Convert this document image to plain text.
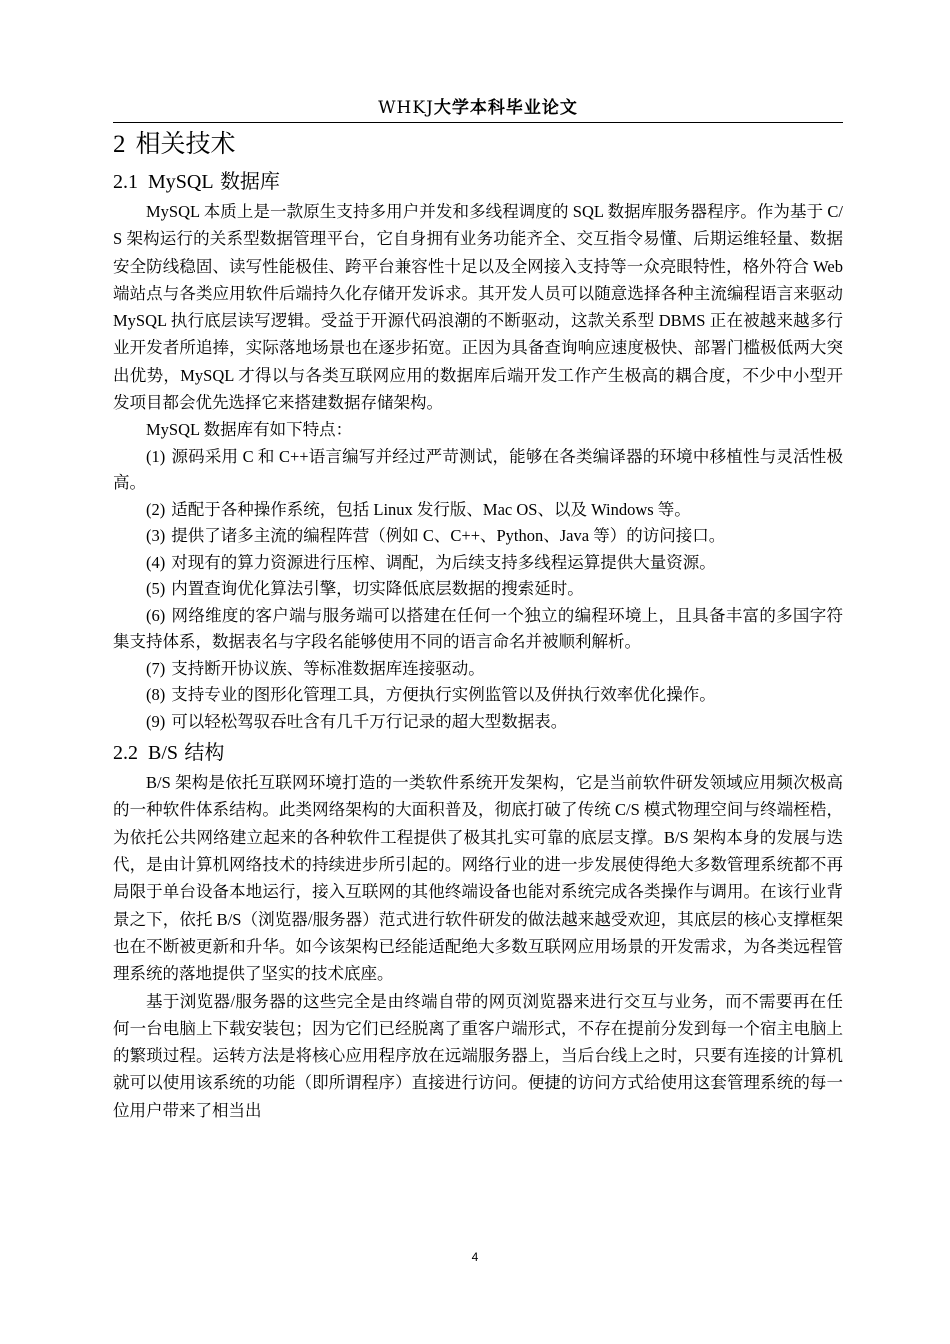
WHKJ大学本科毕业论文
2 相关技术
2.1 MySQL 数据库

MySQL 本质上是一款原生支持多用户并发和多线程调度的 SQL 数据库服务器程序。作为基于 C/S 架构运行的关系型数据管理平台，它自身拥有业务功能齐全、交互指令易懂、后期运维轻量、数据安全防线稳固、读写性能极佳、跨平台兼容性十足以及全网接入支持等一众亮眼特性，格外符合 Web 端站点与各类应用软件后端持久化存储开发诉求。其开发人员可以随意选择各种主流编程语言来驱动 MySQL 执行底层读写逻辑。受益于开源代码浪潮的不断驱动，这款关系型 DBMS 正在被越来越多行业开发者所追捧，实际落地场景也在逐步拓宽。正因为具备查询响应速度极快、部署门槛极低两大突出优势，MySQL 才得以与各类互联网应用的数据库后端开发工作产生极高的耦合度，不少中小型开发项目都会优先选择它来搭建数据存储架构。

MySQL 数据库有如下特点：

(1) 源码采用 C 和 C++语言编写并经过严苛测试，能够在各类编译器的环境中移植性与灵活性极高。

(2) 适配于各种操作系统，包括 Linux 发行版、Mac OS、以及 Windows 等。

(3) 提供了诸多主流的编程阵营（例如 C、C++、Python、Java 等）的访问接口。

(4) 对现有的算力资源进行压榨、调配，为后续支持多线程运算提供大量资源。

(5) 内置查询优化算法引擎，切实降低底层数据的搜索延时。

(6) 网络维度的客户端与服务端可以搭建在任何一个独立的编程环境上，且具备丰富的多国字符集支持体系，数据表名与字段名能够使用不同的语言命名并被顺利解析。

(7) 支持断开协议族、等标准数据库连接驱动。

(8) 支持专业的图形化管理工具，方便执行实例监管以及倂执行效率优化操作。

(9) 可以轻松驾驭吞吐含有几千万行记录的超大型数据表。

2.2 B/S 结构

B/S 架构是依托互联网环境打造的一类软件系统开发架构，它是当前软件研发领域应用频次极高的一种软件体系结构。此类网络架构的大面积普及，彻底打破了传统 C/S 模式物理空间与终端桎梏，为依托公共网络建立起来的各种软件工程提供了极其扎实可靠的底层支撑。B/S 架构本身的发展与迭代，是由计算机网络技术的持续进步所引起的。网络行业的进一步发展使得绝大多数管理系统都不再局限于单台设备本地运行，接入互联网的其他终端设备也能对系统完成各类操作与调用。在该行业背景之下，依托 B/S（浏览器/服务器）范式进行软件研发的做法越来越受欢迎，其底层的核心支撑框架也在不断被更新和升华。如今该架构已经能适配绝大多数互联网应用场景的开发需求，为各类远程管理系统的落地提供了坚实的技术底座。

基于浏览器/服务器的这些完全是由终端自带的网页浏览器来进行交互与业务，而不需要再在任何一台电脑上下载安装包；因为它们已经脱离了重客户端形式，不存在提前分发到每一个宿主电脑上的繁琐过程。运转方法是将核心应用程序放在远端服务器上，当后台线上之时，只要有连接的计算机就可以使用该系统的功能（即所谓程序）直接进行访问。便捷的访问方式给使用这套管理系统的每一位用户带来了相当出

4
